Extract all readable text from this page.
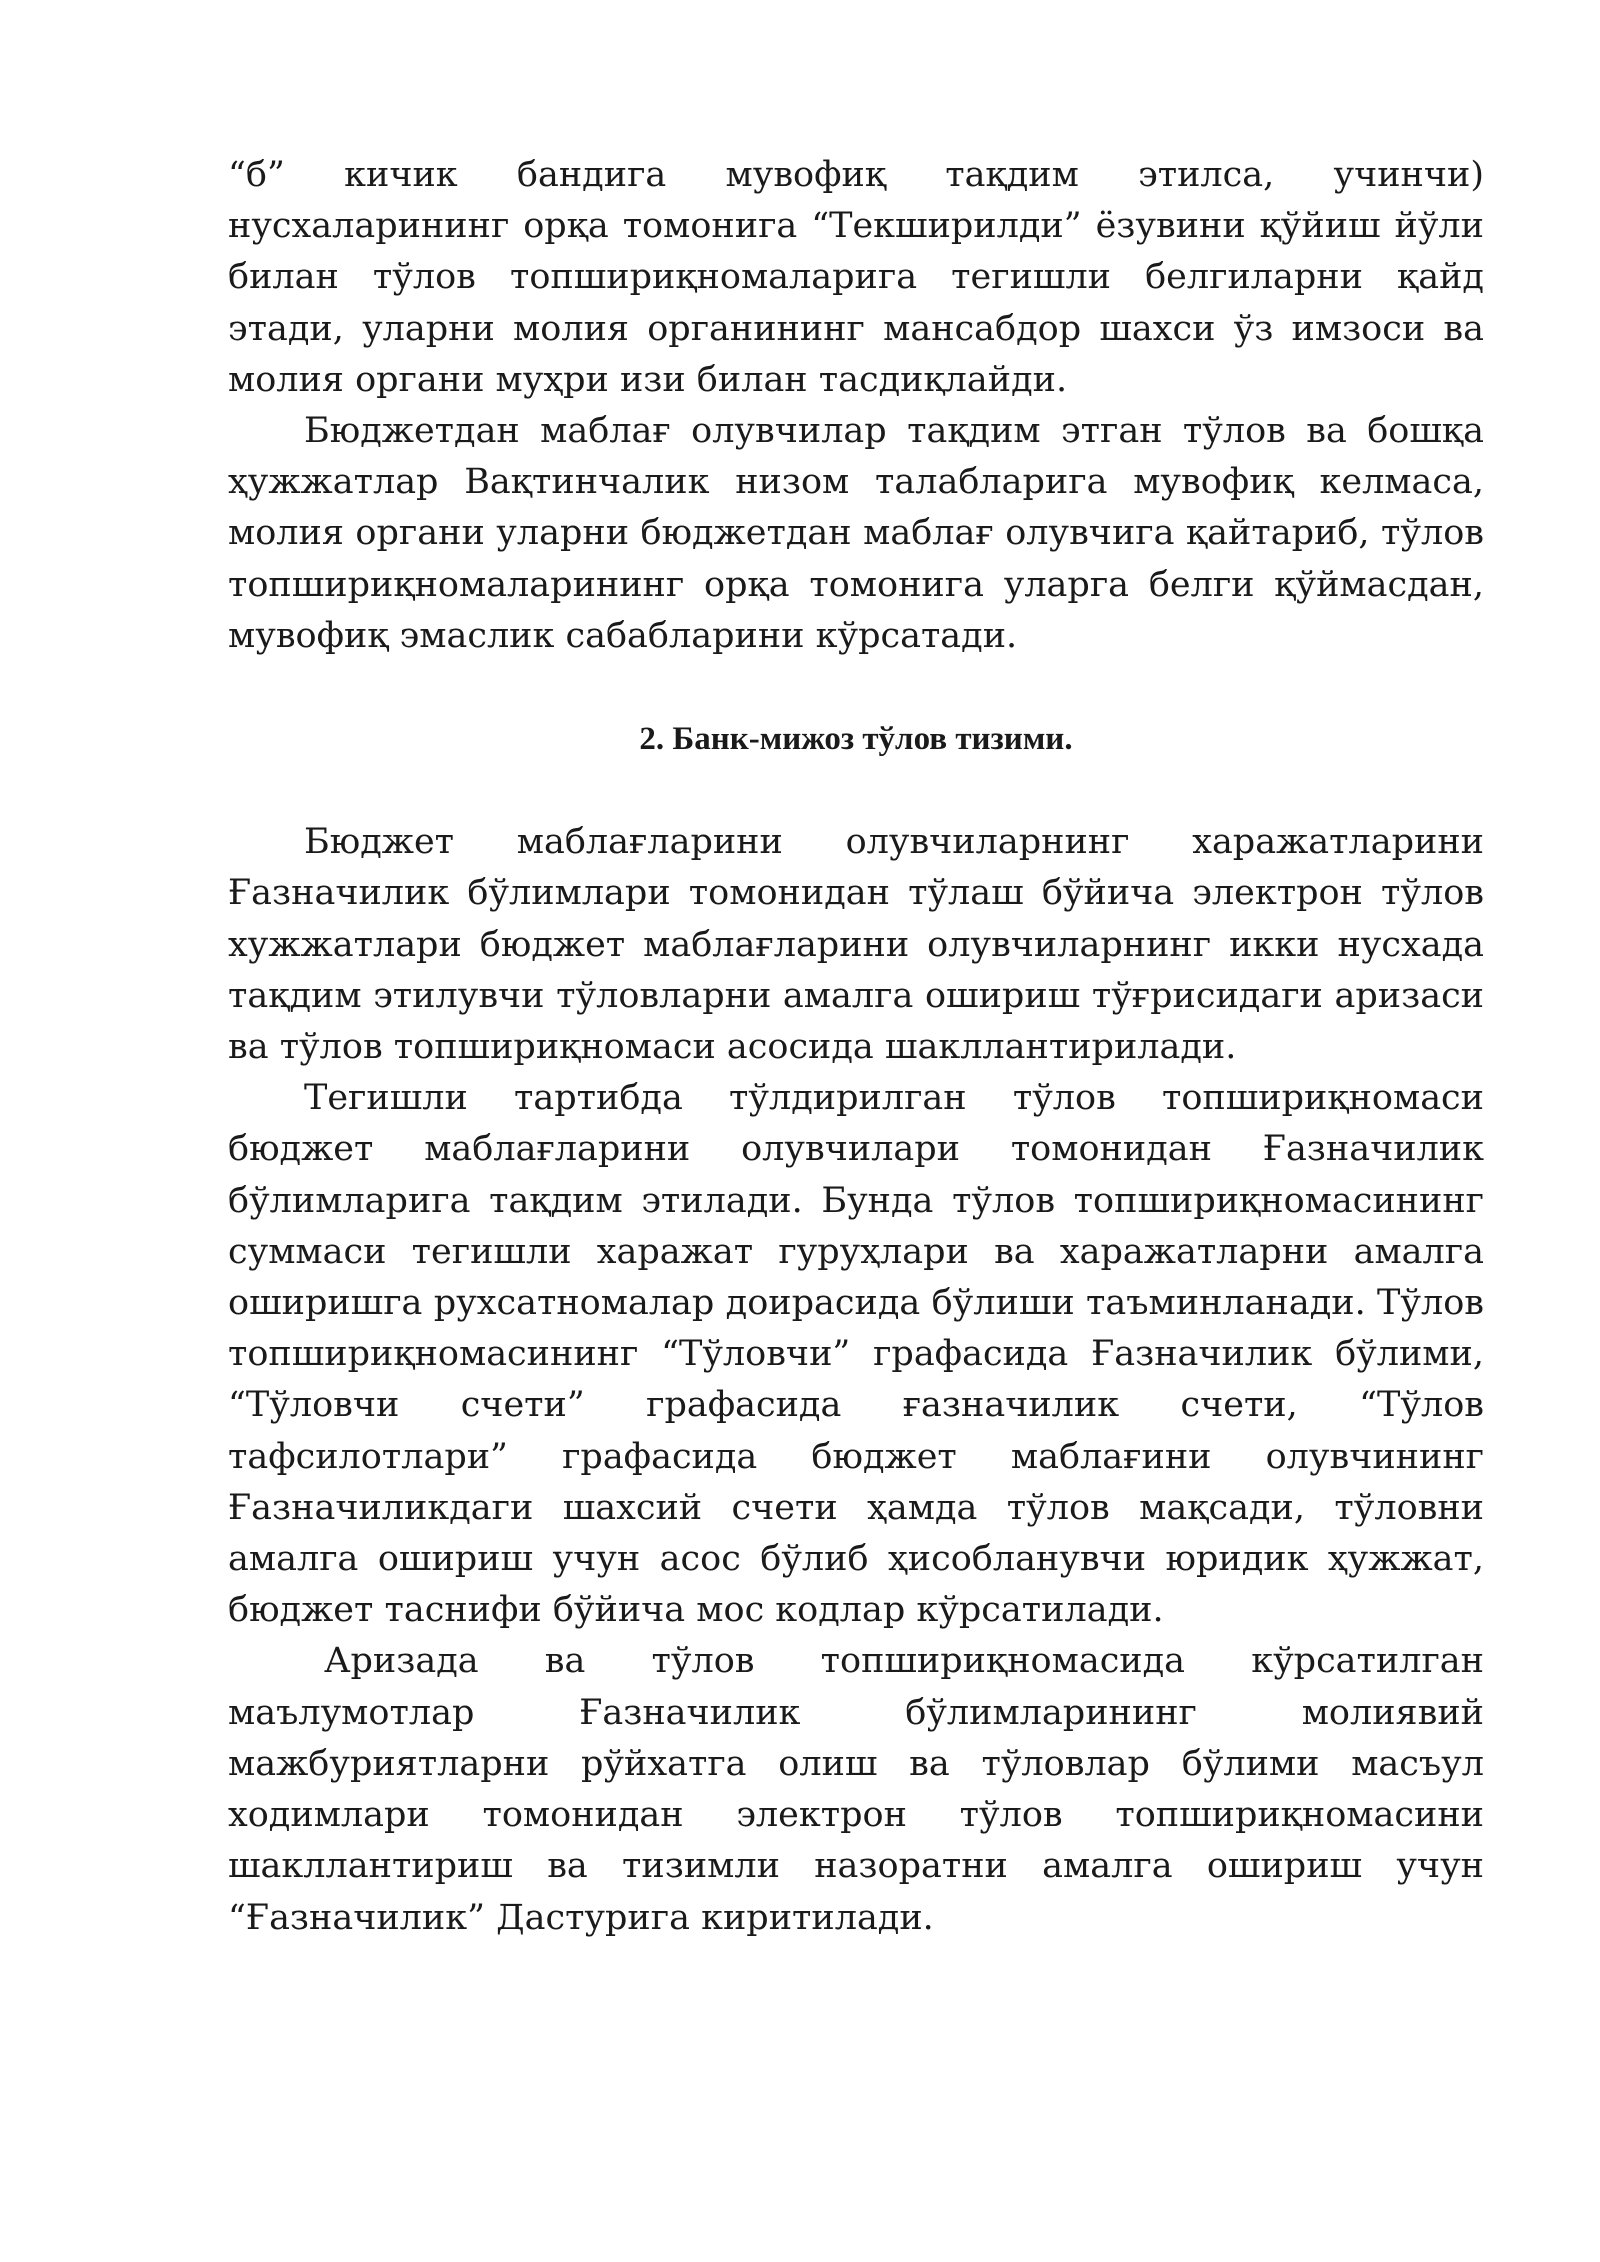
“б” кичик бандига мувофиқ тақдим этилса, учинчи) нусхаларининг орқа томонига “Текширилди” ёзувини қўйиш йўли билан тўлов топшириқномаларига тегишли белгиларни қайд этади, уларни молия органининг мансабдор шахси ўз имзоси ва молия органи муҳри изи билан тасдиқлайди.

Бюджетдан маблағ олувчилар тақдим этган тўлов ва бошқа ҳужжатлар Вақтинчалик низом талабларига мувофиқ келмаса, молия органи уларни бюджетдан маблағ олувчига қайтариб, тўлов топшириқномаларининг орқа томонига уларга белги қўймасдан, мувофиқ эмаслик сабабларини кўрсатади.

2. Банк-мижоз тўлов тизими.

Бюджет маблағларини олувчиларнинг харажатларини Ғазначилик бўлимлари томонидан тўлаш бўйича электрон тўлов хужжатлари бюджет маблағларини олувчиларнинг икки нусхада тақдим этилувчи тўловларни амалга ошириш тўғрисидаги аризаси ва тўлов топшириқномаси асосида шакллантирилади.

Тегишли тартибда тўлдирилган тўлов топшириқномаси бюджет маблағларини олувчилари томонидан Ғазначилик бўлимларига тақдим этилади. Бунда тўлов топшириқномасининг суммаси тегишли харажат гуруҳлари ва харажатларни амалга оширишга рухсатномалар доирасида бўлиши таъминланади. Тўлов топшириқномасининг “Тўловчи” графасида Ғазначилик бўлими, “Тўловчи счети” графасида ғазначилик счети, “Тўлов тафсилотлари” графасида бюджет маблағини олувчининг Ғазначиликдаги шахсий счети ҳамда тўлов мақсади, тўловни амалга ошириш учун асос бўлиб ҳисобланувчи юридик ҳужжат, бюджет таснифи бўйича мос кодлар кўрсатилади.

Аризада ва тўлов топшириқномасида кўрсатилган маълумотлар Ғазначилик бўлимларининг молиявий мажбуриятларни рўйхатга олиш ва тўловлар бўлими масъул ходимлари томонидан электрон тўлов топшириқномасини шакллантириш ва тизимли назоратни амалга ошириш учун “Ғазначилик” Дастурига киритилади.
